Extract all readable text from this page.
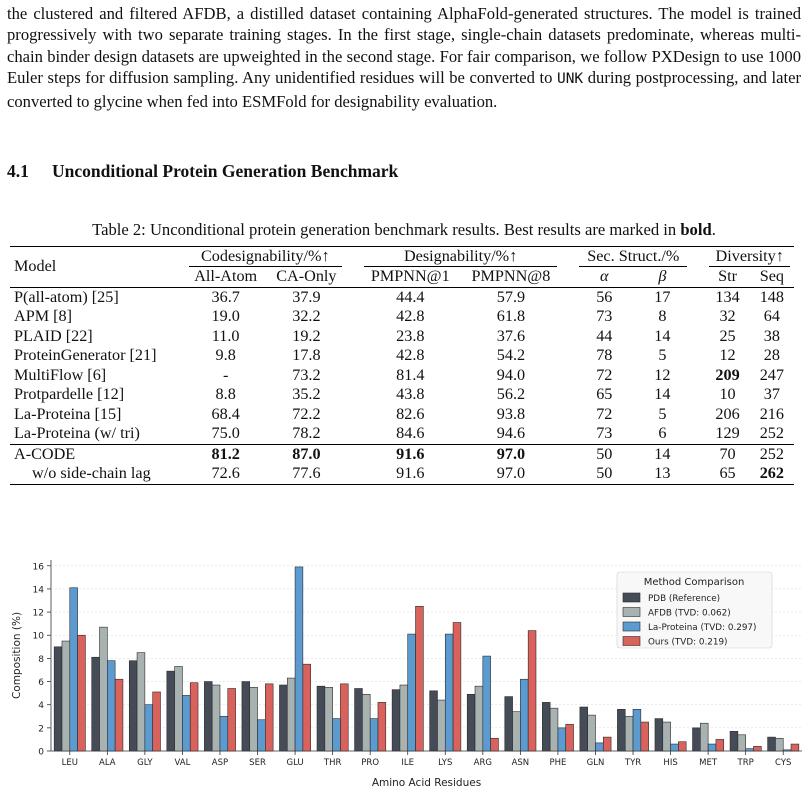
the clustered and filtered AFDB, a distilled dataset containing AlphaFold-generated structures. The model is trained progressively with two separate training stages. In the first stage, single-chain datasets predominate, whereas multi-chain binder design datasets are upweighted in the second stage. For fair comparison, we follow PXDesign to use 1000 Euler steps for diffusion sampling. Any unidentified residues will be converted to UNK during postprocessing, and later converted to glycine when fed into ESMFold for designability evaluation.
4.1 Unconditional Protein Generation Benchmark
Table 2: Unconditional protein generation benchmark results. Best results are marked in bold.
Model	Codesignability/%↑			Designability/%↑			Sec. Struct./%			Diversity↑	

	All-Atom	CA-Only		PMPNN@1	PMPNN@8		α	β		Str	Seq
P(all-atom) [25]	36.7	37.9		44.4	57.9		56	17		134	148
APM [8]	19.0	32.2		42.8	61.8		73	8		32	64
PLAID [22]	11.0	19.2		23.8	37.6		44	14		25	38
ProteinGenerator [21]	9.8	17.8		42.8	54.2		78	5		12	28
MultiFlow [6]	-	73.2		81.4	94.0		72	12		209	247
Protpardelle [12]	8.8	35.2		43.8	56.2		65	14		10	37
La-Proteina [15]	68.4	72.2		82.6	93.8		72	5		206	216
La-Proteina (w/ tri)	75.0	78.2		84.6	94.6		73	6		129	252
A-CODE	81.2	87.0		91.6	97.0		50	14		70	252
w/o side-chain lag	72.6	77.6		91.6	97.0		50	13		65	262
0
2
4
6
8
10
12
14
16
LEU ALA	GLY	VAL	ASP SER GLU THR PRO	ILE	LYS	ARG ASN PHE GLN TYR	HIS	MET TRP CYS
Amino Acid Residues
Composition (%)
Method Comparison
PDB (Reference)
AFDB (TVD: 0.062)
La-Proteina (TVD: 0.297)
Ours (TVD: 0.219)
